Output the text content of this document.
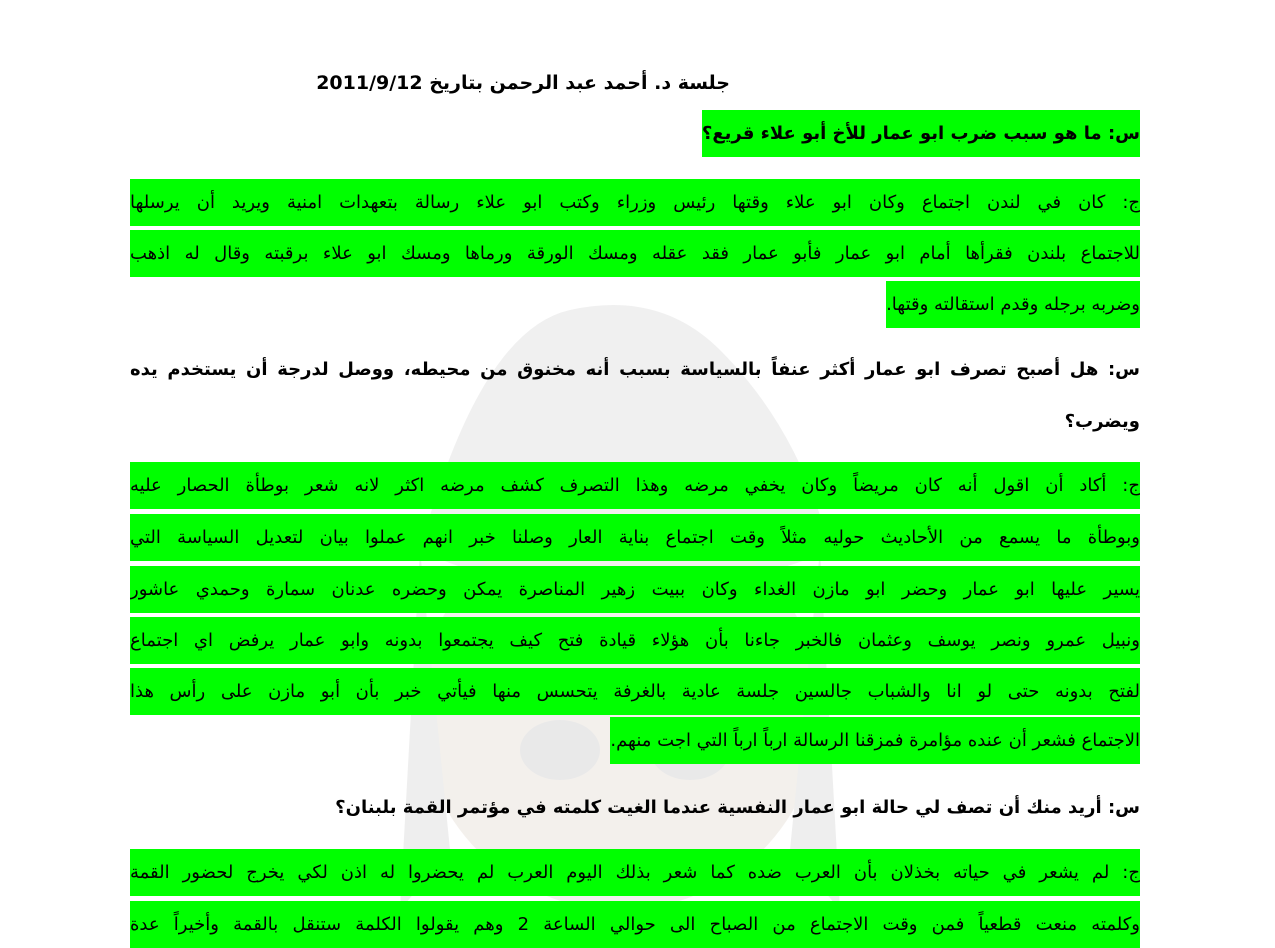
جلسة د. أحمد عبد الرحمن بتاريخ 2011/9/12
س: ما هو سبب ضرب ابو عمار للأخ أبو علاء قريع؟
ج: كان في لندن اجتماع وكان ابو علاء وقتها رئيس وزراء وكتب ابو علاء رسالة بتعهدات امنية ويريد أن يرسلها
للاجتماع بلندن فقرأها أمام ابو عمار فأبو عمار فقد عقله ومسك الورقة ورماها ومسك ابو علاء برقبته وقال له اذهب
وضربه برجله وقدم استقالته وقتها.
س: هل أصبح تصرف ابو عمار أكثر عنفاً بالسياسة بسبب أنه مخنوق من محيطه، ووصل لدرجة أن يستخدم يده
ويضرب؟
ج: أكاد أن اقول أنه كان مريضاً وكان يخفي مرضه وهذا التصرف كشف مرضه اكثر لانه شعر بوطأة الحصار عليه
وبوطأة ما يسمع من الأحاديث حوليه مثلاً وقت اجتماع بناية العار وصلنا خبر انهم عملوا بيان لتعديل السياسة التي
يسير عليها ابو عمار وحضر ابو مازن الغداء وكان ببيت زهير المناصرة يمكن وحضره عدنان سمارة وحمدي عاشور
ونبيل عمرو ونصر يوسف وعثمان فالخبر جاءنا بأن هؤلاء قيادة فتح كيف يجتمعوا بدونه وابو عمار يرفض اي اجتماع
لفتح بدونه حتى لو انا والشباب جالسين جلسة عادية بالغرفة يتحسس منها فيأتي خبر بأن أبو مازن على رأس هذا
الاجتماع فشعر أن عنده مؤامرة فمزقنا الرسالة ارباً ارباً التي اجت منهم.
س: أريد منك أن تصف لي حالة ابو عمار النفسية عندما الغيت كلمته في مؤتمر القمة بلبنان؟
ج: لم يشعر في حياته بخذلان بأن العرب ضده كما شعر بذلك اليوم العرب لم يحضروا له اذن لكي يخرج لحضور القمة
وكلمته منعت قطعياً فمن وقت الاجتماع من الصباح الى حوالي الساعة 2 وهم يقولوا الكلمة ستنقل بالقمة وأخيراً عدة
